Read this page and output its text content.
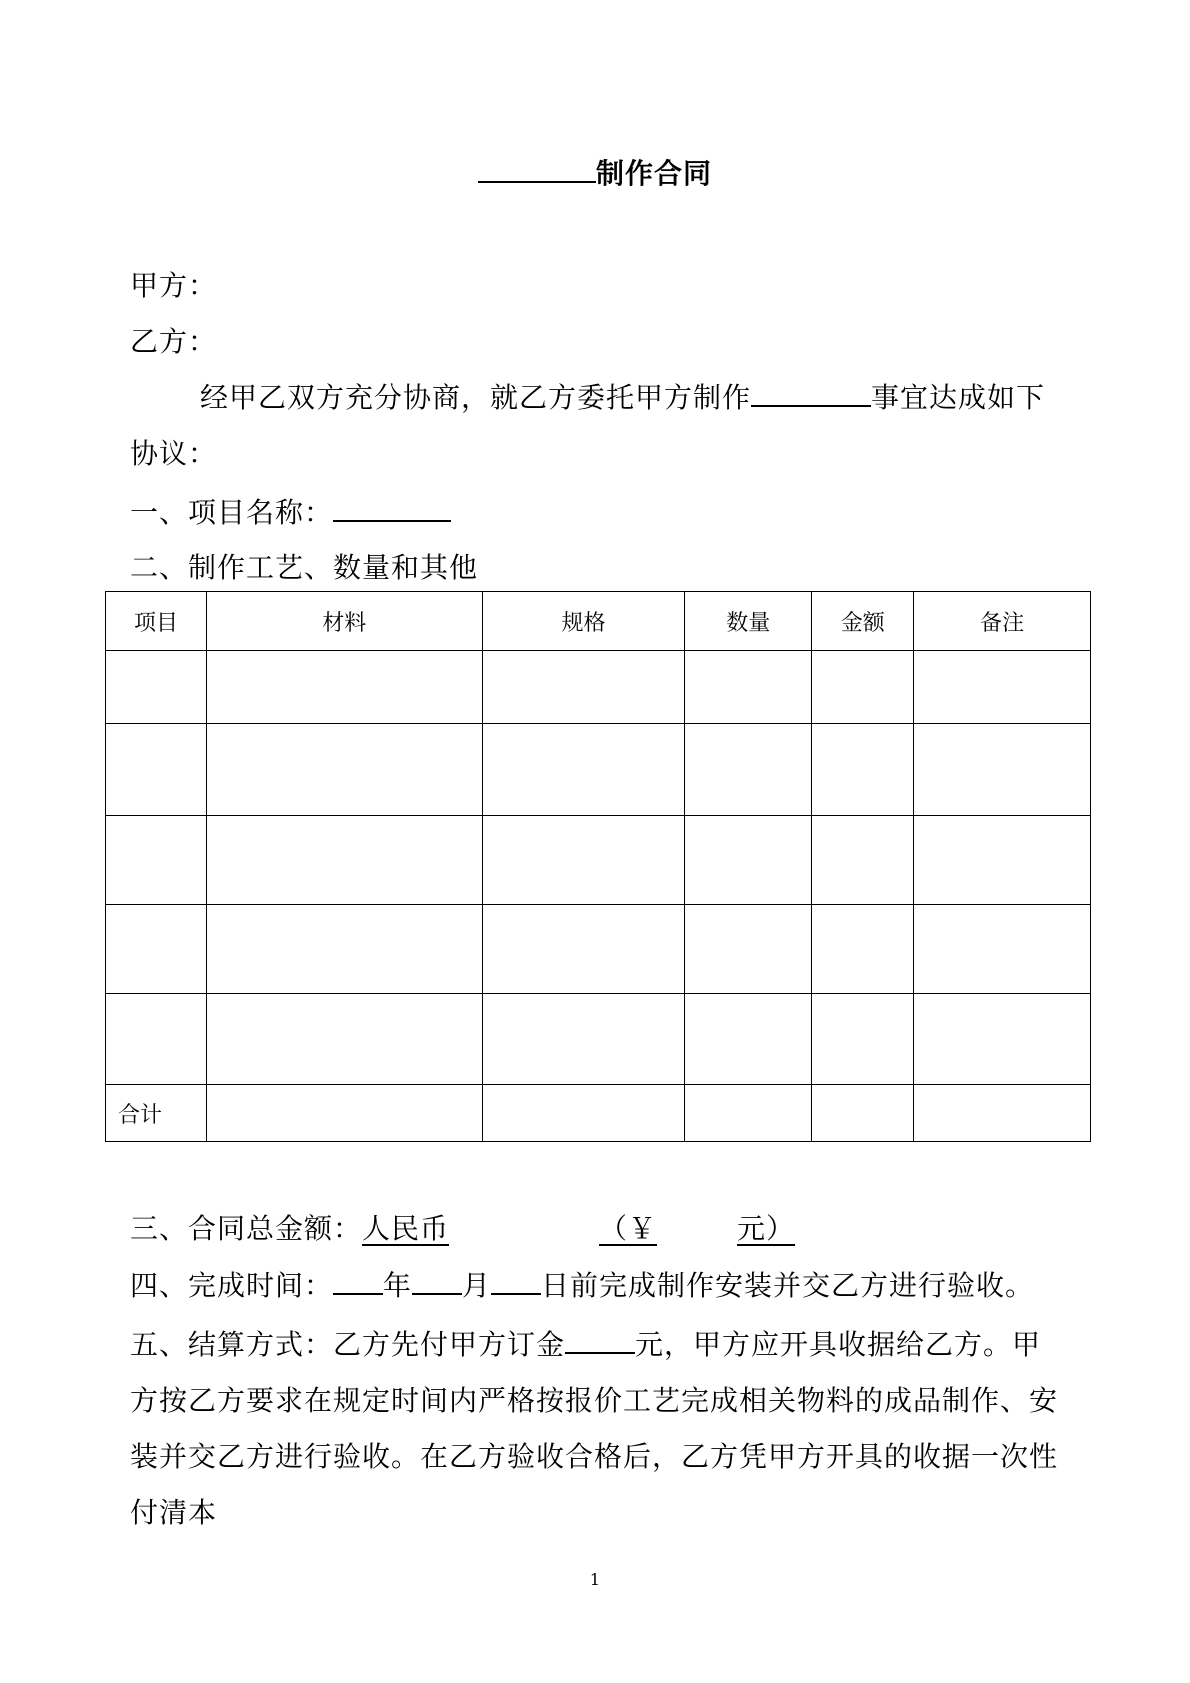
制作合同
甲方：
乙方：
经甲乙双方充分协商，就乙方委托甲方制作	事宜达成如下协议：
一、项目名称：
二、制作工艺、数量和其他
项目	材料	规格	数量	金额	备注

合计					
三、合同总金额：人民币	（￥	元）
四、完成时间： 年 月 日前完成制作安装并交乙方进行验收。
五、结算方式：乙方先付甲方订金	元，甲方应开具收据给乙方。甲方按乙方要求在规定时间内严格按报价工艺完成相关物料的成品制作、安装并交乙方进行验收。在乙方验收合格后，乙方凭甲方开具的收据一次性付清本
1
